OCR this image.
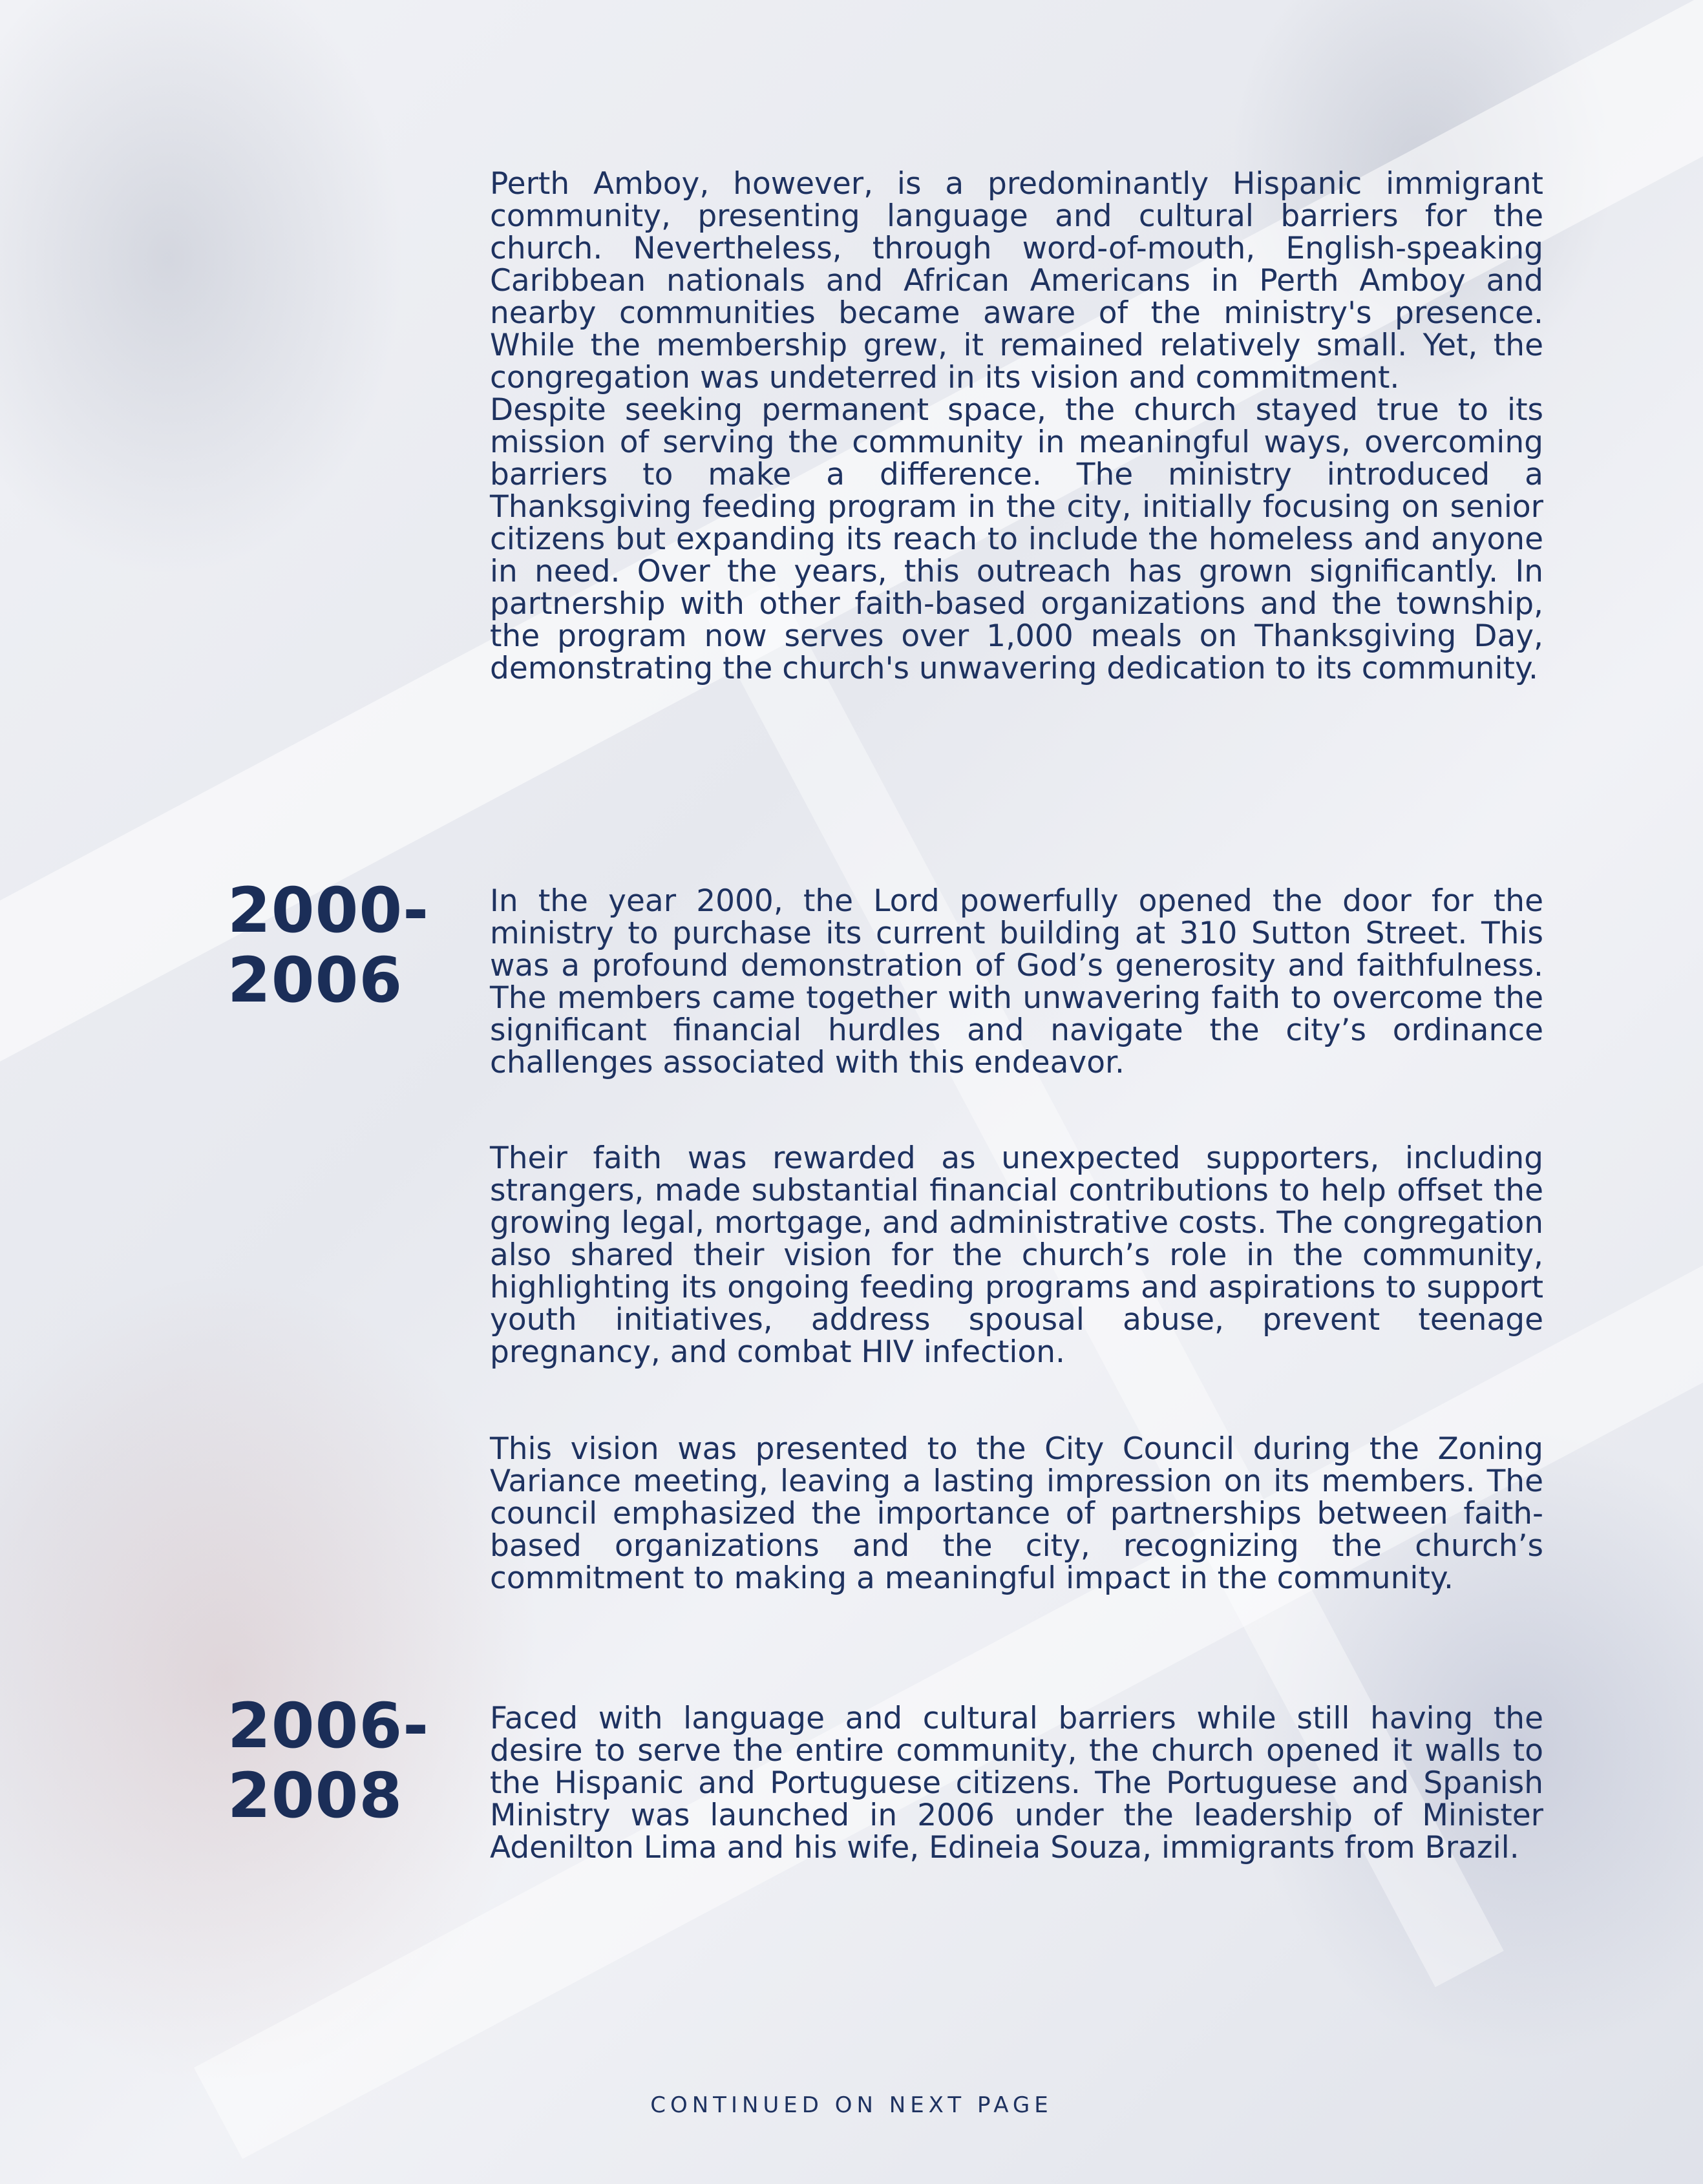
Perth Amboy, however, is a predominantly Hispanic immigrant community, presenting language and cultural barriers for the church. Nevertheless, through word-of-mouth, English-speaking Caribbean nationals and African Americans in Perth Amboy and nearby communities became aware of the ministry's presence. While the membership grew, it remained relatively small. Yet, the congregation was undeterred in its vision and commitment.

Despite seeking permanent space, the church stayed true to its mission of serving the community in meaningful ways, overcoming barriers to make a difference. The ministry introduced a Thanksgiving feeding program in the city, initially focusing on senior citizens but expanding its reach to include the homeless and anyone in need. Over the years, this outreach has grown significantly. In partnership with other faith-based organizations and the township, the program now serves over 1,000 meals on Thanksgiving Day, demonstrating the church's unwavering dedication to its community.

2000-
2006

In the year 2000, the Lord powerfully opened the door for the ministry to purchase its current building at 310 Sutton Street. This was a profound demonstration of God’s generosity and faithfulness. The members came together with unwavering faith to overcome the significant financial hurdles and navigate the city’s ordinance challenges associated with this endeavor.

Their faith was rewarded as unexpected supporters, including strangers, made substantial financial contributions to help offset the growing legal, mortgage, and administrative costs. The congregation also shared their vision for the church’s role in the community, highlighting its ongoing feeding programs and aspirations to support youth initiatives, address spousal abuse, prevent teenage pregnancy, and combat HIV infection.

This vision was presented to the City Council during the Zoning Variance meeting, leaving a lasting impression on its members. The council emphasized the importance of partnerships between faith-based organizations and the city, recognizing the church’s commitment to making a meaningful impact in the community.

2006-
2008

Faced with language and cultural barriers while still having the desire to serve the entire community, the church opened it walls to the Hispanic and Portuguese citizens. The Portuguese and Spanish Ministry was launched in 2006 under the leadership of Minister Adenilton Lima and his wife, Edineia Souza, immigrants from Brazil.

CONTINUED ON NEXT PAGE
